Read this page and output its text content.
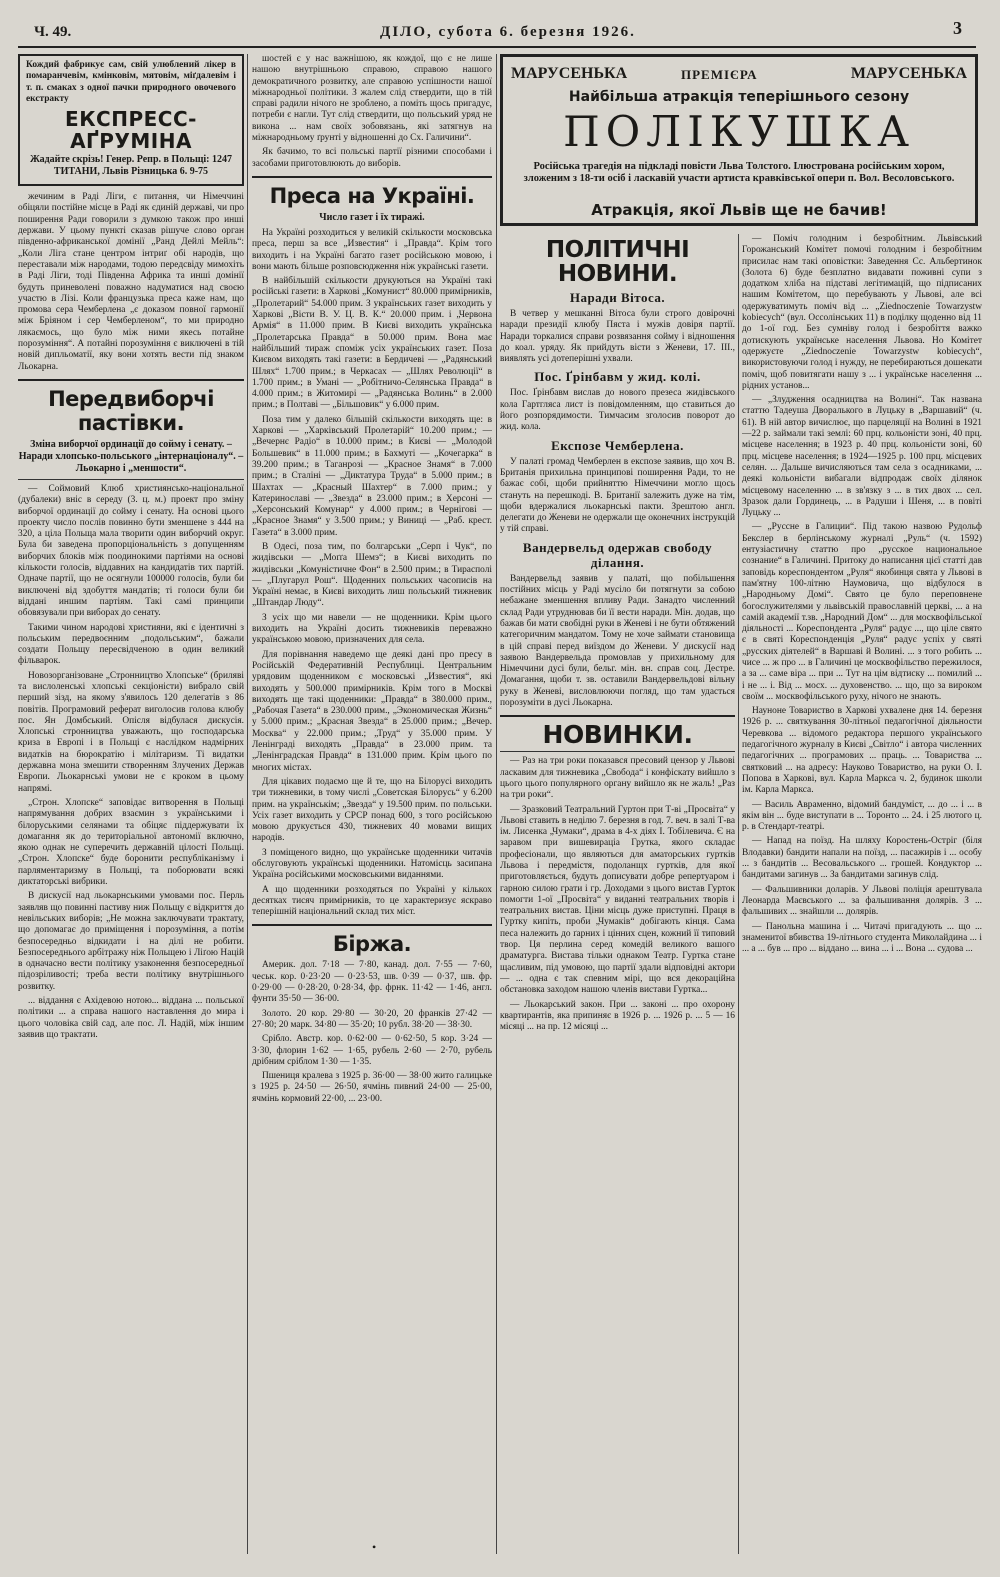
Ч. 49.	ДІЛО, субота 6. березня 1926.	3

Кождий фабрикує сам, свій улюблений лікер в помаранчевім, кмінковім, мятовім, міґдалевім і т. п. смаках з одної пачки природного овочевого екстракту

ЕКСПРЕСС-АҐРУМІНА
Жадайте скрізь! Генер. Репр. в Польщі: 1247 ТИТАНИ, Львів Різницька 6. 9-75

жечиним в Раді Ліги, є питання, чи Німеччині обіцяли постійне місце в Раді як єдиній державі, чи про поширення Ради говорили з думкою також про инші держави. У цьому пункті сказав рішуче слово орган південно-африканської домінії „Ранд Дейлі Мейль“: „Коли Ліга стане центром інтриґ обі народів, що переставали між народами, тодою передсвіду мимохіть в Раді Ліги, тоді Південна Африка та инші домінії будуть приневолені поважно надуматися над своєю участю в Лізі. Коли французька преса каже нам, що промова сера Чемберлена „є доказом повної гармонії між Бріяном і сер Чемберленом“, то ми природно лякаємось, що було між ними якесь потайне порозуміння“. А потайні порозуміння є виключені в тій новій дипльоматії, яку вони хотять вести під знаком Льокарна.

Передвиборчі пастівки.
Зміна виборчої ординації до сойму і сенату. – Наради хлопсько-польського „інтернаціоналу“. – Льокарно і „меншости“.

— Соймовий Клюб християнсько-національної (дубалеки) вніс в середу (3. ц. м.) проект про зміну виборчої ординації до сойму і сенату. На основі цього проекту число послів повинно бути зменшене з 444 на 320, а ціла Польща мала творити один виборчий округ. Була би заведена пропорціональність з допущенням виборчих блоків між поодинокими партіями на основі кількости голосів, віддавних на кандидатів тих партій. Одначе партії, що не осягнули 100000 голосів, були би виключені від здобуття мандатів; ті голоси були би віддані иншим партіям. Такі самі принципи обовязували при виборах до сенату.

Такими чином народові християни, які є ідентичні з польським передвоєнним „подольським“, бажали создати Польщу пересвідченою в один великий фільварок.

Новозорганізоване „Стронництво Хлопське“ (бриляві та вислоленські хлопські секціоністи) вибрало свій перший зізд, на якому з'явилось 120 делегатів з 86 повітів. Програмовий реферат виголосив голова клюбу пос. Ян Домбський. Опісля відбулася дискусія. Хлопські стронництва уважають, що господарська криза в Европі і в Польщі є наслідком надмірних видатків на бюрократію і мілітаризм. Ті видатки державна мона змешити створенням Злучених Держав Европи. Льокарнські умови не є кроком в цьому напрямі.

„Строн. Хлопске“ заповідає витворення в Польщі напрямування добрих взаємин з українськими і білоруськими селянами та обіцяє піддержувати їх домагання як до територіальної автономії включно, якою однак не суперечить державній цілості Польщі. „Строн. Хлопске“ буде боронити республіканізму і парляментаризму в Польщі, та поборювати всякі диктаторські вибрики.

В дискусії над льокарнськими умовами пос. Перль заявляв що повинні пастиву ниж Польщу є відкриття до невільських виборів; „Не можна заключувати трактату, що допомагає до приміщення і порозуміння, а потім безпосередньо відкидати і на ділі не робити. Безпосереднього арбітражу ніж Польщею і Ліґою Націй в одначасно вести політику узаконення безпосередньої підозріливості; треба вести політику внутрішнього розвитку.

... віддання є Ахідевою нотою... віддана ... польської політики ... а справа нашого наставлення до мира і цього чоловіка свій сад, але пос. Л. Надій, між іншим заявив що трактати.

шостей є у нас важнішою, як кождої, що є не лише нашою внутрішньою справою, справою нашого демократичного розвитку, але справою успішности нашої міжнародньої політики. З жалем слід ствердити, що в тій справі радили нічого не зроблено, а поміть щось пригадує, потреби є нагли. Тут слід ствердити, що польський уряд не викона ... нам своїх зобовязань, які затягнув на міжнародньому ґрунті у відношенні до Сх. Галичини“.

Як бачимо, то всі польські партії різними способами і засобами приготовлюють до виборів.

Преса на Україні.
Число газет і їх тиражі.

На Україні розходиться у великій скількости московська преса, перш за все „Известия“ і „Правда“. Крім того виходить і на Україні багато газет російською мовою, і вони мають більше розповсюдження ніж українські газети.

В найбільшій скількости друкуються на Україні такі російські газети: в Харкові „Комунист“ 80.000 примірників, „Пролетарий“ 54.000 прим. З українських газет виходить у Харкові „Вісти В. У. Ц. В. К.“ 20.000 прим. і „Червона Армія“ в 11.000 прим. В Києві виходить українська „Пролетарська Правда“ в 50.000 прим. Вона має найбільший тираж споміж усіх українських газет. Поза Києвом виходять такі газети: в Бердичеві — „Радянський Шлях“ 1.700 прим.; в Черкасах — „Шлях Революції“ в 1.700 прим.; в Умані — „Робітничо-Селянська Правда“ в 4.000 прим.; в Житомирі — „Радянська Волинь“ в 2.000 прим.; в Полтаві — „Більшовик“ у 6.000 прим.

Поза тим у далеко більшій скількости виходять ще: в Харкові — „Харківський Пролетарій“ 10.200 прим.; — „Вечернє Радіо“ в 10.000 прим.; в Києві — „Молодой Большевик“ в 11.000 прим.; в Бахмуті — „Кочегарка“ в 39.200 прим.; в Таганрозі — „Красное Знамя“ в 7.000 прим.; в Сталіні — „Диктатура Труда“ в 5.000 прим.; в Шахтах — „Красный Шахтер“ в 7.000 прим.; у Катеринославі — „Звезда“ в 23.000 прим.; в Херсоні — „Херсонський Комунар“ у 4.000 прим.; в Чернігові — „Красное Знамя“ у 3.500 прим.; у Виниці — „Раб. крест. Газета“ в 3.000 прим.

В Одесі, поза тим, по болгарськи „Серп і Чук“, по жидівськи — „Моґґа Шемэ“; в Києві виходить по жидівськи „Комуністичне Фон“ в 2.500 прим.; в Тирасполі — „Плугарул Рош“. Щоденних польських часописів на Україні немає, в Києві виходить лиш польський тижневик „Штандар Люду“.

З усіх що ми навели — не щоденники. Крім цього виходить на Україні досить тижневиків переважно українською мовою, призначених для села.

Для порівнання наведемо ще деякі дані про пресу в Російській Федеративній Республиці. Центральним урядовим щоденником є московські „Известия“, які виходять у 500.000 примірників. Крім того в Москві виходять ще такі щоденники: „Правда“ в 380.000 прим., „Рабочая Газета“ в 230.000 прим., „Экономическая Жизнь“ у 5.000 прим.; „Красная Звезда“ в 25.000 прим.; „Вечер. Москва“ у 22.000 прим.; „Труд“ у 35.000 прим. У Ленінграді виходять „Правда“ в 23.000 прим. та „Ленінградская Правда“ в 131.000 прим. Крім цього по многих містах.

Для цікавих подаємо ще й те, що на Білорусі виходить три тижневики, в тому числі „Советская Білорусь“ у 6.200 прим. на українськім; „Звезда“ у 19.500 прим. по польськи. Усіх газет виходить у СРСР понад 600, з того російською мовою друкується 430, тижневих 40 мовами вищих народів.

З поміщеного видно, що українське щоденники читачів обслуговують українські щоденники. Натомісць засипана Україна російськими московськими виданнями.

А що щоденники розходяться по Україні у кількох десятках тисяч примірників, то це характеризує яскраво теперішній національний склад тих міст.

Біржа.

Америк. дол. 7·18 — 7·80, канад. дол. 7·55 — 7·60, чеськ. кор. 0·23·20 — 0·23·53, шв. 0·39 — 0·37, шв. фр. 0·29·00 — 0·28·20, 0·28·34, фр. фрнк. 11·42 — 1·46, англ. фунти 35·50 — 36·00.

Золото. 20 кор. 29·80 — 30·20, 20 франків 27·42 — 27·80; 20 марк. 34·80 — 35·20; 10 рубл. 38·20 — 38·30.

Срібло. Австр. кор. 0·62·00 — 0·62·50, 5 кор. 3·24 — 3·30, флорин 1·62 — 1·65, рубель 2·60 — 2·70, рубель дрібним сріблом 1·30 — 1·35.

Пшениця кралева з 1925 р. 36·00 — 38·00 жито галицьке з 1925 р. 24·50 — 26·50, ячмінь пивний 24·00 — 25·00, ячмінь кормовий 22·00, ... 23·00.

МАРУСЕНЬКА	ПРЕМІЄРА	МАРУСЕНЬКА
Найбільша атракція теперішнього сезону
ПОЛІКУШКА
Російська трагедія на підкладі повісти Льва Толстого. Ілюстрована російським хором, зложеним з 18-ти осіб і ласкавій участи артиста кравківської опери п. Вол. Весоловського.
Атракція, якої Львів ще не бачив!
ПОЛІТИЧНІ НОВИНИ.
Наради Вітоса.

В четвер у мешканні Вітоса були строго довірочні наради президії клюбу Пяста і мужів довіря партії. Наради торкалися справи розвязання сойму і відношення до коал. уряду. Як прийдуть вісти з Женеви, 17. III., виявлять усі дотеперішні ухвали.

Пос. Ґрінбавм у жид. колі.

Пос. Ґрінбавм вислав до нового презеса жидівського кола Гартгляса лист із повідомленням, що ставиться до його розпорядимости. Тимчасим зголосив поворот до жид. кола.

Експозе Чемберлена.

У палаті громад Чемберлен в експозе заявив, що хоч В. Британія прихильна принципові поширення Ради, то не бажає собі, щоби прийняттю Німеччини могло щось стануть на перешкоді. В. Британії залежить дуже на тім, щоби вдержалися льокарнські пакти. Зрештою англ. делегати до Женеви не одержали ще оконечних інструкцій у тій справі.

Вандервельд одержав свободу ділання.

Вандервельд заявив у палаті, що побільшення постійних місць у Раді мусіло би потягнути за собою небажане зменшення впливу Ради. Занадто численний склад Ради утруднював би її вести наради. Мін. додав, що бажав би мати свобідні руки в Женеві і не бути обтяжений категоричним мандатом. Тому не хоче займати становища в цій справі перед виїздом до Женеви. У дискусії над заявою Вандервельда промовлав у прихильному для Німеччини дусі були, бельг. мін. вн. справ соц. Дестре. Домагання, щоби т. зв. оставили Вандервельдові вільну руку в Женеві, висловлюючи погляд, що там удасться порозуміти в дусі Льокарна.

НОВИНКИ.

— Раз на три роки показався пресовий цензор у Львові ласкавим для тижневика „Свобода“ і конфіскату вийшло з цього цього популярного органу вийшло як не жаль! „Раз на три роки“.

— Зразковий Театральний Гуртон при Т-ві „Просвіта“ у Львові ставить в неділю 7. березня в год. 7. веч. в залі Т-ва ім. Лисенка „Чумаки“, драма в 4-х діях І. Тобілевича. Є на заравом при вишевираціа Грутка, якого складає професіонали, що являються для аматорських гуртків Львова і передмістя, подоланщх гуртків, для якої приготовляється, будуть дописувати добре репертуаром і гарною силою грати і гр. Доходами з цього вистав Гурток помогти 1-ої „Просвіта“ у виданні театральних творів і театральних вистав. Ціни місць дуже приступні. Праця в Гуртку кипіть, проби „Чумаків“ добігають кінця. Сама песа належить до ґарних і цінних сцен, кожний її типовий твор. Ця перлина серед комедій великого вашого драматурга. Вистава тільки однаком Театр. Гуртка стане щасливим, під умовою, що партії здали відповідні актори — ... одна є так спевним мірі, що вся декораційна обстановка заходом нашою членів вистави Гуртка...

— Льокарський закон. При ... законі ... про охорону квартирантів, яка припиняє в 1926 р. ... 1926 р. ... 5 — 16 місяці ... на пр. 12 місяці ...

— Поміч голодним і безробітним. Львівський Горожанський Комітет помочі голодним і безробітним присилає нам такі оповістки: Заведення Сс. Альбертинок (Золота 6) буде безплатно видавати поживні супи з додатком хліба на підставі легітимацій, що підписаних нашим Комітетом, що перебувають у Львові, але всі одержуватимуть поміч від ... „Ziednoczenie Towarzystw kobiecych“ (вул. Оссолінських 11) в поділку щоденно від 11 до 1-ої год. Без сумніву голод і безробіття важко дотискують українське населення Львова. Но Комітет одержуєте „Ziednoczenie Towarzystw kobiecych“, використовуючи голод і нужду, не перебираються дошекати поміч, щоб повитягати нашу з ... і українське населення ... рідних установ...

— „Злудження осадництва на Волині“. Так названа статтю Тадеуша Дворалького в Луцьку в „Варшавий“ (ч. 61). В ній автор вичислює, що парцеляції на Волині в 1921—22 р. займали такі землі: 60 прц. кольоністи зоні, 40 прц. місцеве населення; в 1923 р. 40 прц. кольоністи зоні, 60 прц. місцеве населення; в 1924—1925 р. 100 прц. місцевих селян. ... Дальше вичисляються там села з осадниками, ... деякі кольоністи вибагали відпродаж своїх ділянок місцевому населенню ... в зв'язку з ... в тих двох ... сел. Зразок дали Гординець, ... в Радуши і Шеня, ... в повіті Луцьку ...

— „Руссне в Галиции“. Під такою назвою Рудольф Бекслер в берлінському журналі „Руль“ (ч. 1592) ентузіастичну статтю про „русское национальное сознание“ в Галичині. Притоку до написання цієї статті дав заповідь кореспондентом „Руля“ якобинця свята у Львові в пам'ятну 100-літню Наумовича, що відбулося в „Народньому Домі“. Свято це було переповнене богослужителями у львівській православній церкві, ... а на самій академії т.зв. „Народний Дом“ ... для москвофільської діяльності ... Кореспондента „Руля“ радує ..., що ціле свято є в святі Кореспонденція „Руля“ радує успіх у святі „русских діятелей“ в Варшаві й Волині. ... з того робить ... чисе ... ж про ... в Галичині це москвофільство пережилося, а за ... саме віра ... при ... Тут на цім відтиску ... помилий ... і не ... і. Від ... мосх. ... духовенство. ... що, що за вироком своїм ... москвофільського руху, нічого не знають.

Науноне Товариство в Харкові ухвалене дня 14. березня 1926 р. ... святкування 30-літньої педагогічної діяльности Черевкова ... відомого редактора першого українського педагогічного журналу в Києві „Світло“ і автора численних педагогічних ... програмових ... праць. ... Товариства ... святковий ... на адресу: Науково Товариство, на руки О. І. Попова в Харкові, вул. Карла Маркса ч. 2, будинок школи ім. Карла Маркса.

— Василь Авраменно, відомий бандуміст, ... до ... і ... в якім він ... буде виступати в ... Торонто ... 24. і 25 лютого ц. р. в Стендарт-театрі.

— Напад на поїзд. На шляху Коростень-Остріг (біля Влодавки) бандити напали на поїзд, ... пасажирів і ... особу ... з бандитів ... Весовальського ... грошей. Кондуктор ... бандитами загинув ... За бандитами загинув слід.

— Фальшивники доларів. У Львові поліція арештувала Леонарда Маєвського ... за фальшивання долярів. З ... фальшивих ... знайшли ... долярів.

— Панольна машина і ... Читачі пригадують ... що ... знаменитої вбивства 19-літнього студента Миколайдина ... і ... а ... був ... про ... віддано ... вина ... і ... Вона ... судова ...

•
